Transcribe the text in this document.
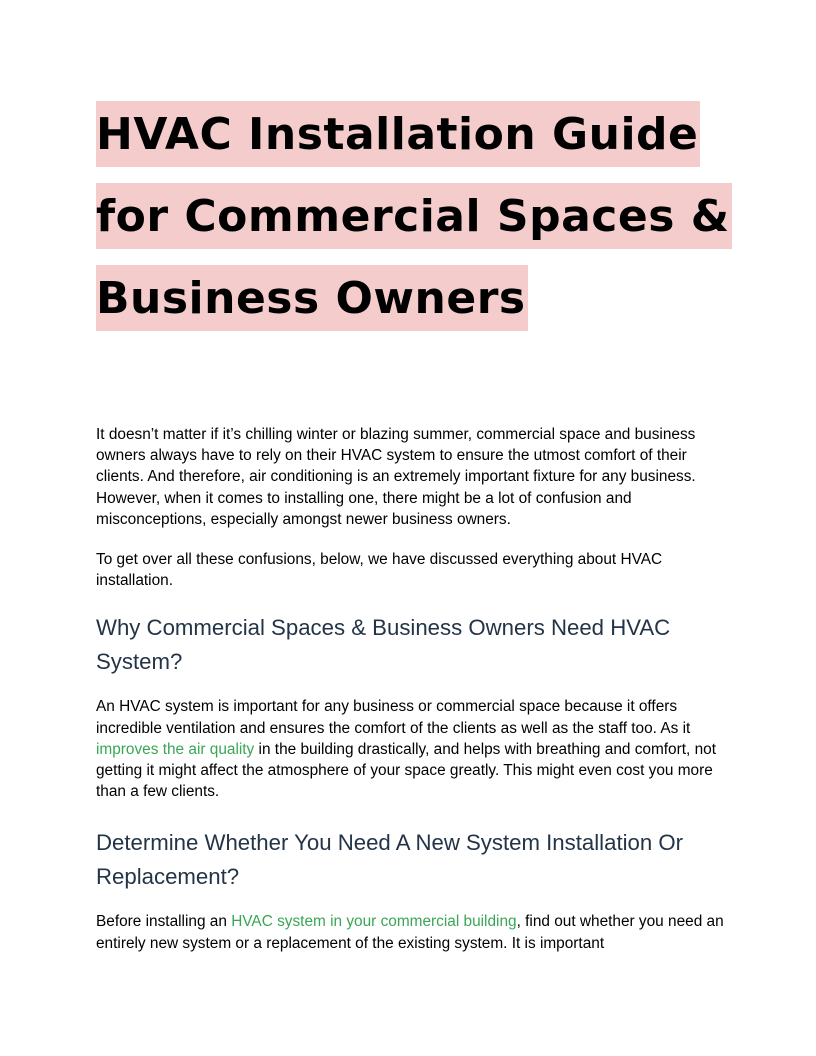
HVAC Installation Guide
for Commercial Spaces &
Business Owners

It doesn’t matter if it’s chilling winter or blazing summer, commercial space and business owners always have to rely on their HVAC system to ensure the utmost comfort of their clients. And therefore, air conditioning is an extremely important fixture for any business. However, when it comes to installing one, there might be a lot of confusion and misconceptions, especially amongst newer business owners.

To get over all these confusions, below, we have discussed everything about HVAC installation.

Why Commercial Spaces & Business Owners Need HVAC System?

An HVAC system is important for any business or commercial space because it offers incredible ventilation and ensures the comfort of the clients as well as the staff too. As it improves the air quality in the building drastically, and helps with breathing and comfort, not getting it might affect the atmosphere of your space greatly. This might even cost you more than a few clients.

Determine Whether You Need A New System Installation Or Replacement?

Before installing an HVAC system in your commercial building, find out whether you need an entirely new system or a replacement of the existing system. It is important
